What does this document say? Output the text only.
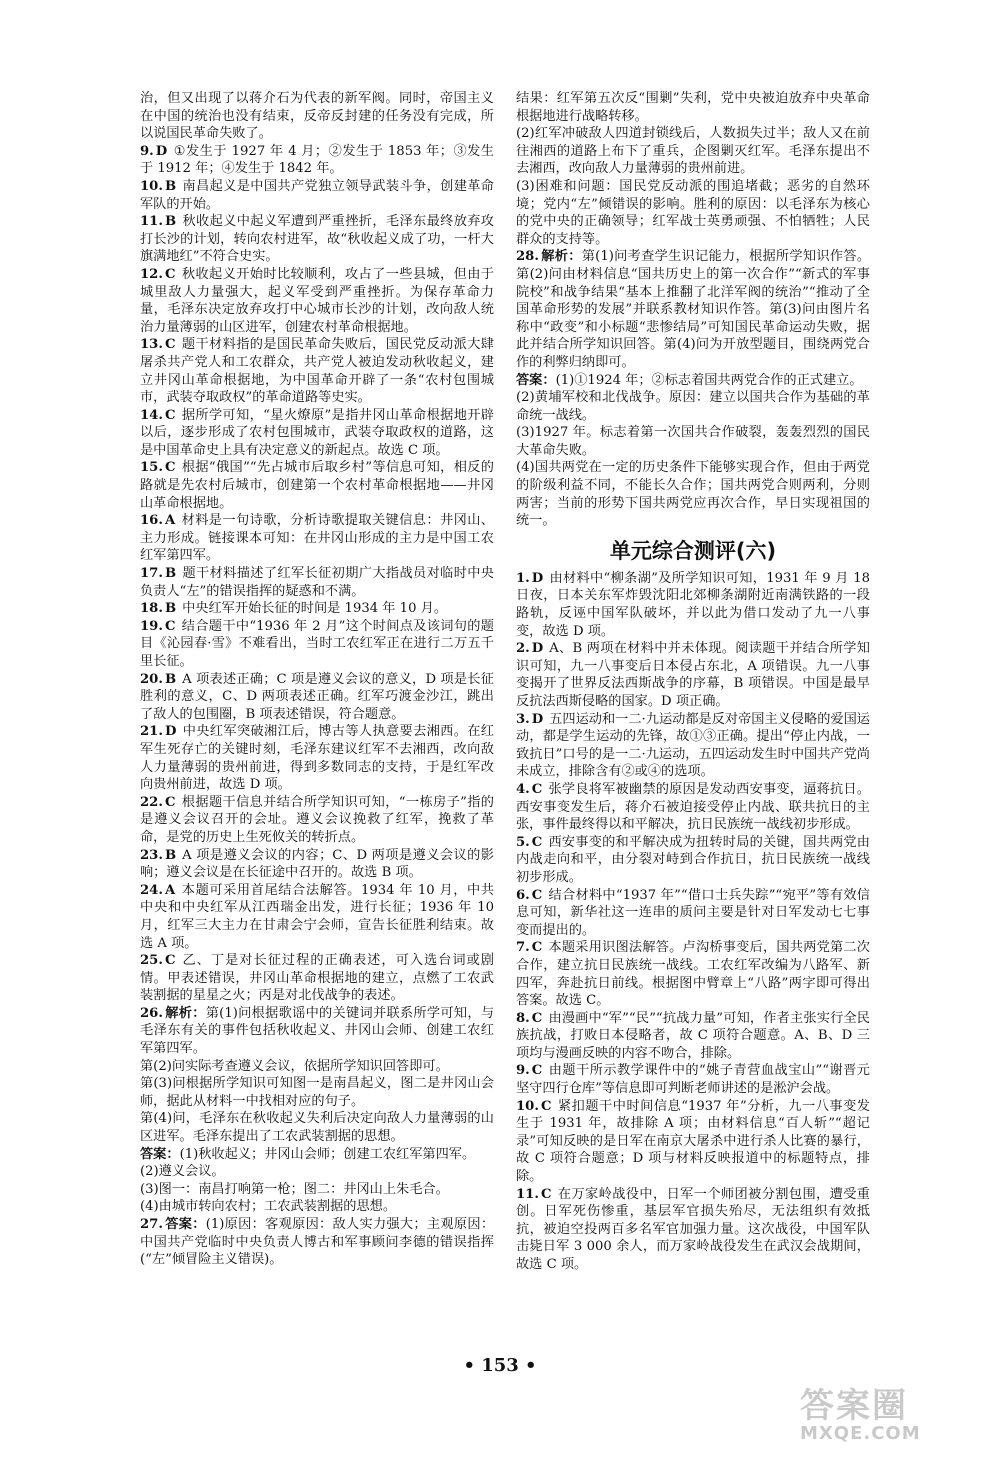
治，但又出现了以蒋介石为代表的新军阀。同时，帝国主义在中国的统治也没有结束，反帝反封建的任务没有完成，所以说国民革命失败了。

9. D ①发生于 1927 年 4 月；②发生于 1853 年；③发生于 1912 年；④发生于 1842 年。

10. B 南昌起义是中国共产党独立领导武装斗争，创建革命军队的开始。

11. B 秋收起义中起义军遭到严重挫折，毛泽东最终放弃攻打长沙的计划，转向农村进军，故“秋收起义成了功，一杆大旗满地红”不符合史实。

12. C 秋收起义开始时比较顺利，攻占了一些县城，但由于城里敌人力量强大，起义军受到严重挫折。为保存革命力量，毛泽东决定放弃攻打中心城市长沙的计划，改向敌人统治力量薄弱的山区进军，创建农村革命根据地。

13. C 题干材料指的是国民革命失败后，国民党反动派大肆屠杀共产党人和工农群众，共产党人被迫发动秋收起义，建立井冈山革命根据地，为中国革命开辟了一条“农村包围城市，武装夺取政权”的革命道路等史实。

14. C 据所学可知，“星火燎原”是指井冈山革命根据地开辟以后，逐步形成了农村包围城市，武装夺取政权的道路，这是中国革命史上具有决定意义的新起点。故选 C 项。

15. C 根据“俄国”“先占城市后取乡村”等信息可知，相反的路就是先农村后城市，创建第一个农村革命根据地——井冈山革命根据地。

16. A 材料是一句诗歌，分析诗歌提取关键信息：井冈山、主力形成。链接课本可知：在井冈山形成的主力是中国工农红军第四军。

17. B 题干材料描述了红军长征初期广大指战员对临时中央负责人“左”的错误指挥的疑惑和不满。

18. B 中央红军开始长征的时间是 1934 年 10 月。

19. C 结合题干中“1936 年 2 月”这个时间点及该词句的题目《沁园春·雪》不难看出，当时工农红军正在进行二万五千里长征。

20. B A 项表述正确；C 项是遵义会议的意义，D 项是长征胜利的意义，C、D 两项表述正确。红军巧渡金沙江，跳出了敌人的包围圈，B 项表述错误，符合题意。

21. D 中央红军突破湘江后，博古等人执意要去湘西。在红军生死存亡的关键时刻，毛泽东建议红军不去湘西，改向敌人力量薄弱的贵州前进，得到多数同志的支持，于是红军改向贵州前进，故选 D 项。

22. C 根据题干信息并结合所学知识可知，“一栋房子”指的是遵义会议召开的会址。遵义会议挽救了红军，挽救了革命，是党的历史上生死攸关的转折点。

23. B A 项是遵义会议的内容；C、D 两项是遵义会议的影响；遵义会议是在长征途中召开的。故选 B 项。

24. A 本题可采用首尾结合法解答。1934 年 10 月，中共中央和中央红军从江西瑞金出发，进行长征；1936 年 10 月，红军三大主力在甘肃会宁会师，宣告长征胜利结束。故选 A 项。

25. C 乙、丁是对长征过程的正确表述，可入选台词或剧情。甲表述错误，井冈山革命根据地的建立，点燃了工农武装割据的星星之火；丙是对北伐战争的表述。

26. 解析：第(1)问根据歌谣中的关键词并联系所学可知，与毛泽东有关的事件包括秋收起义、井冈山会师、创建工农红军第四军。

第(2)问实际考查遵义会议，依据所学知识回答即可。

第(3)问根据所学知识可知图一是南昌起义，图二是井冈山会师，据此从材料一中找相对应的句子。

第(4)问，毛泽东在秋收起义失利后决定向敌人力量薄弱的山区进军。毛泽东提出了工农武装割据的思想。

答案：(1)秋收起义；井冈山会师；创建工农红军第四军。

(2)遵义会议。

(3)图一：南昌打响第一枪；图二：井冈山上朱毛合。

(4)由城市转向农村；工农武装割据的思想。

27. 答案：(1)原因：客观原因：敌人实力强大；主观原因：中国共产党临时中央负责人博古和军事顾问李德的错误指挥(“左”倾冒险主义错误)。

结果：红军第五次反“围剿”失利，党中央被迫放弃中央革命根据地进行战略转移。

(2)红军冲破敌人四道封锁线后，人数损失过半；敌人又在前往湘西的道路上布下了重兵，企图剿灭红军。毛泽东提出不去湘西，改向敌人力量薄弱的贵州前进。

(3)困难和问题：国民党反动派的围追堵截；恶劣的自然环境；党内“左”倾错误的影响。胜利的原因：以毛泽东为核心的党中央的正确领导；红军战士英勇顽强、不怕牺牲；人民群众的支持等。

28. 解析：第(1)问考查学生识记能力，根据所学知识作答。第(2)问由材料信息“国共历史上的第一次合作”“新式的军事院校”和战争结果“基本上推翻了北洋军阀的统治”“推动了全国革命形势的发展”并联系教材知识作答。第(3)问由图片名称中“政变”和小标题“悲惨结局”可知国民革命运动失败，据此并结合所学知识回答。第(4)问为开放型题目，围绕两党合作的利弊归纳即可。

答案：(1)①1924 年；②标志着国共两党合作的正式建立。

(2)黄埔军校和北伐战争。原因：建立以国共合作为基础的革命统一战线。

(3)1927 年。标志着第一次国共合作破裂，轰轰烈烈的国民大革命失败。

(4)国共两党在一定的历史条件下能够实现合作，但由于两党的阶级利益不同，不能长久合作；国共两党合则两利，分则两害；当前的形势下国共两党应再次合作，早日实现祖国的统一。

单元综合测评(六)

1. D 由材料中“柳条湖”及所学知识可知，1931 年 9 月 18 日夜，日本关东军炸毁沈阳北郊柳条湖附近南满铁路的一段路轨，反诬中国军队破坏，并以此为借口发动了九一八事变，故选 D 项。

2. D A、B 两项在材料中并未体现。阅读题干并结合所学知识可知，九一八事变后日本侵占东北，A 项错误。九一八事变揭开了世界反法西斯战争的序幕，B 项错误。中国是最早反抗法西斯侵略的国家。D 项正确。

3. D 五四运动和一二·九运动都是反对帝国主义侵略的爱国运动，都是学生运动的先锋，故①③正确。提出“停止内战，一致抗日”口号的是一二·九运动，五四运动发生时中国共产党尚未成立，排除含有②或④的选项。

4. C 张学良将军被幽禁的原因是发动西安事变，逼蒋抗日。西安事变发生后，蒋介石被迫接受停止内战、联共抗日的主张，事件最终得以和平解决，抗日民族统一战线初步形成。

5. C 西安事变的和平解决成为扭转时局的关键，国共两党由内战走向和平，由分裂对峙到合作抗日，抗日民族统一战线初步形成。

6. C 结合材料中“1937 年”“借口士兵失踪”“宛平”等有效信息可知，新华社这一连串的质问主要是针对日军发动七七事变而提出的。

7. C 本题采用识图法解答。卢沟桥事变后，国共两党第二次合作，建立抗日民族统一战线。工农红军改编为八路军、新四军，奔赴抗日前线。根据图中臂章上“八路”两字即可得出答案。故选 C。

8. C 由漫画中“军”“民”“抗战力量”可知，作者主张实行全民族抗战，打败日本侵略者，故 C 项符合题意。A、B、D 三项均与漫画反映的内容不吻合，排除。

9. C 由题干所示教学课件中的“姚子青营血战宝山”“谢晋元坚守四行仓库”等信息即可判断老师讲述的是淞沪会战。

10. C 紧扣题干中时间信息“1937 年”分析，九一八事变发生于 1931 年，故排除 A 项；由材料信息“百人斩”“超记录”可知反映的是日军在南京大屠杀中进行杀人比赛的暴行，故 C 项符合题意；D 项与材料反映报道中的标题特点，排除。

11. C 在万家岭战役中，日军一个师团被分割包围，遭受重创。日军死伤惨重，基层军官损失殆尽，无法组织有效抵抗，被迫空投两百多名军官加强力量。这次战役，中国军队击毙日军 3 000 余人，而万家岭战役发生在武汉会战期间，故选 C 项。

• 153 •
答案圈
MXQE.COM
